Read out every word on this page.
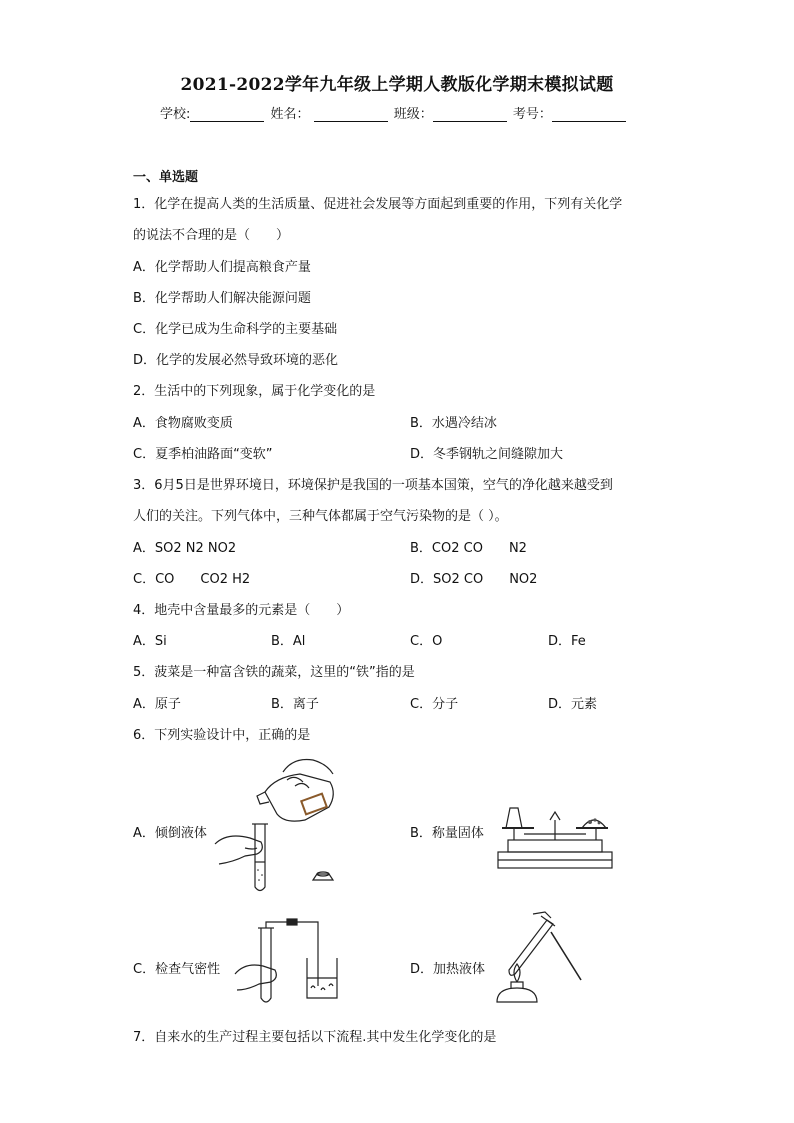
2021-2022学年九年级上学期人教版化学期末模拟试题
学校:	姓名：	班级：	考号：
一、单选题
1．化学在提高人类的生活质量、促进社会发展等方面起到重要的作用，下列有关化学
的说法不合理的是（　　）
A．化学帮助人们提高粮食产量
B．化学帮助人们解决能源问题
C．化学已成为生命科学的主要基础
D．化学的发展必然导致环境的恶化
2．生活中的下列现象，属于化学变化的是
A．食物腐败变质	B．水遇冷结冰
C．夏季柏油路面“变软”	D．冬季钢轨之间缝隙加大
3．6月5日是世界环境日，环境保护是我国的一项基本国策，空气的净化越来越受到
人们的关注。下列气体中，三种气体都属于空气污染物的是（ ）。
A．SO2 N2 NO2	B．CO2 CO　　N2
C．CO　　CO2 H2	D．SO2 CO　　NO2
4．地壳中含量最多的元素是（　　）
A．Si	B．Al	C．O	D．Fe
5．菠菜是一种富含铁的蔬菜，这里的“铁”指的是
A．原子	B．离子	C．分子	D．元素
6．下列实验设计中，正确的是
A．倾倒液体	B．称量固体
C．检查气密性	D．加热液体
7．自来水的生产过程主要包括以下流程.其中发生化学变化的是
